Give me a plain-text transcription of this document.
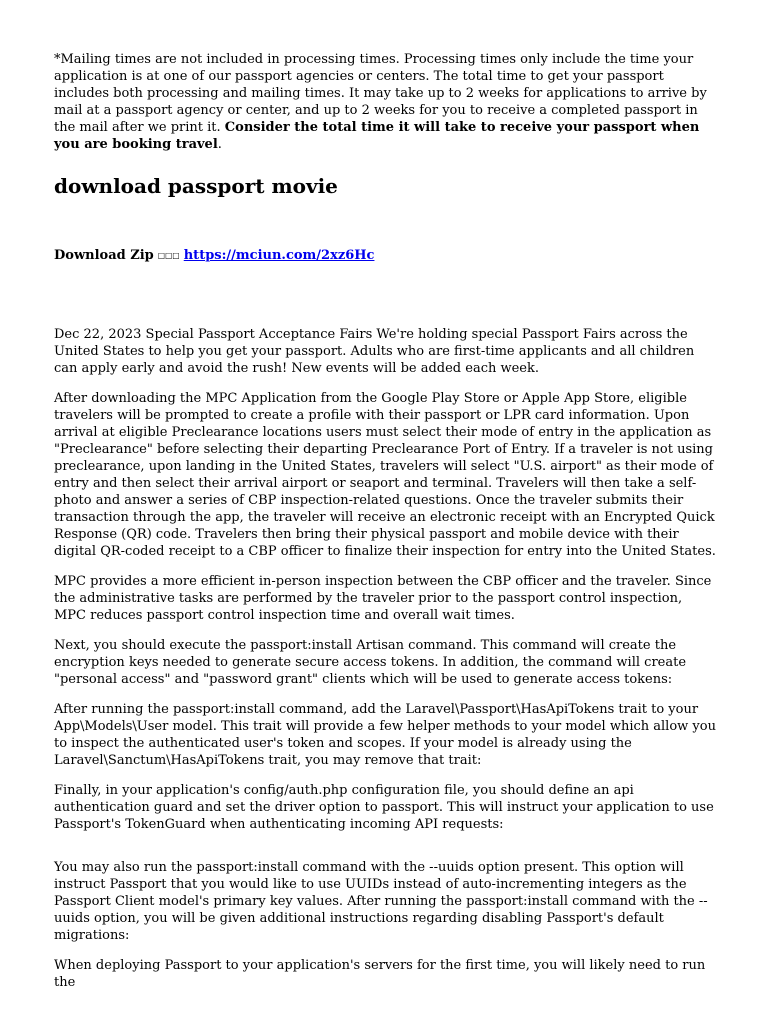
*Mailing times are not included in processing times. Processing times only include the time your application is at one of our passport agencies or centers. The total time to get your passport includes both processing and mailing times. It may take up to 2 weeks for applications to arrive by mail at a passport agency or center, and up to 2 weeks for you to receive a completed passport in the mail after we print it. Consider the total time it will take to receive your passport when you are booking travel.

download passport movie

Download Zip ☐☐☐ https://mciun.com/2xz6Hc

Dec 22, 2023 Special Passport Acceptance Fairs We're holding special Passport Fairs across the United States to help you get your passport. Adults who are first-time applicants and all children can apply early and avoid the rush! New events will be added each week.

After downloading the MPC Application from the Google Play Store or Apple App Store, eligible travelers will be prompted to create a profile with their passport or LPR card information. Upon arrival at eligible Preclearance locations users must select their mode of entry in the application as "Preclearance" before selecting their departing Preclearance Port of Entry. If a traveler is not using preclearance, upon landing in the United States, travelers will select "U.S. airport" as their mode of entry and then select their arrival airport or seaport and terminal. Travelers will then take a self-photo and answer a series of CBP inspection-related questions. Once the traveler submits their transaction through the app, the traveler will receive an electronic receipt with an Encrypted Quick Response (QR) code. Travelers then bring their physical passport and mobile device with their digital QR-coded receipt to a CBP officer to finalize their inspection for entry into the United States.

MPC provides a more efficient in-person inspection between the CBP officer and the traveler. Since the administrative tasks are performed by the traveler prior to the passport control inspection, MPC reduces passport control inspection time and overall wait times.

Next, you should execute the passport:install Artisan command. This command will create the encryption keys needed to generate secure access tokens. In addition, the command will create "personal access" and "password grant" clients which will be used to generate access tokens:

After running the passport:install command, add the Laravel\Passport\HasApiTokens trait to your App\Models\User model. This trait will provide a few helper methods to your model which allow you to inspect the authenticated user's token and scopes. If your model is already using the Laravel\Sanctum\HasApiTokens trait, you may remove that trait:

Finally, in your application's config/auth.php configuration file, you should define an api authentication guard and set the driver option to passport. This will instruct your application to use Passport's TokenGuard when authenticating incoming API requests:

You may also run the passport:install command with the --uuids option present. This option will instruct Passport that you would like to use UUIDs instead of auto-incrementing integers as the Passport Client model's primary key values. After running the passport:install command with the --uuids option, you will be given additional instructions regarding disabling Passport's default migrations:

When deploying Passport to your application's servers for the first time, you will likely need to run the
